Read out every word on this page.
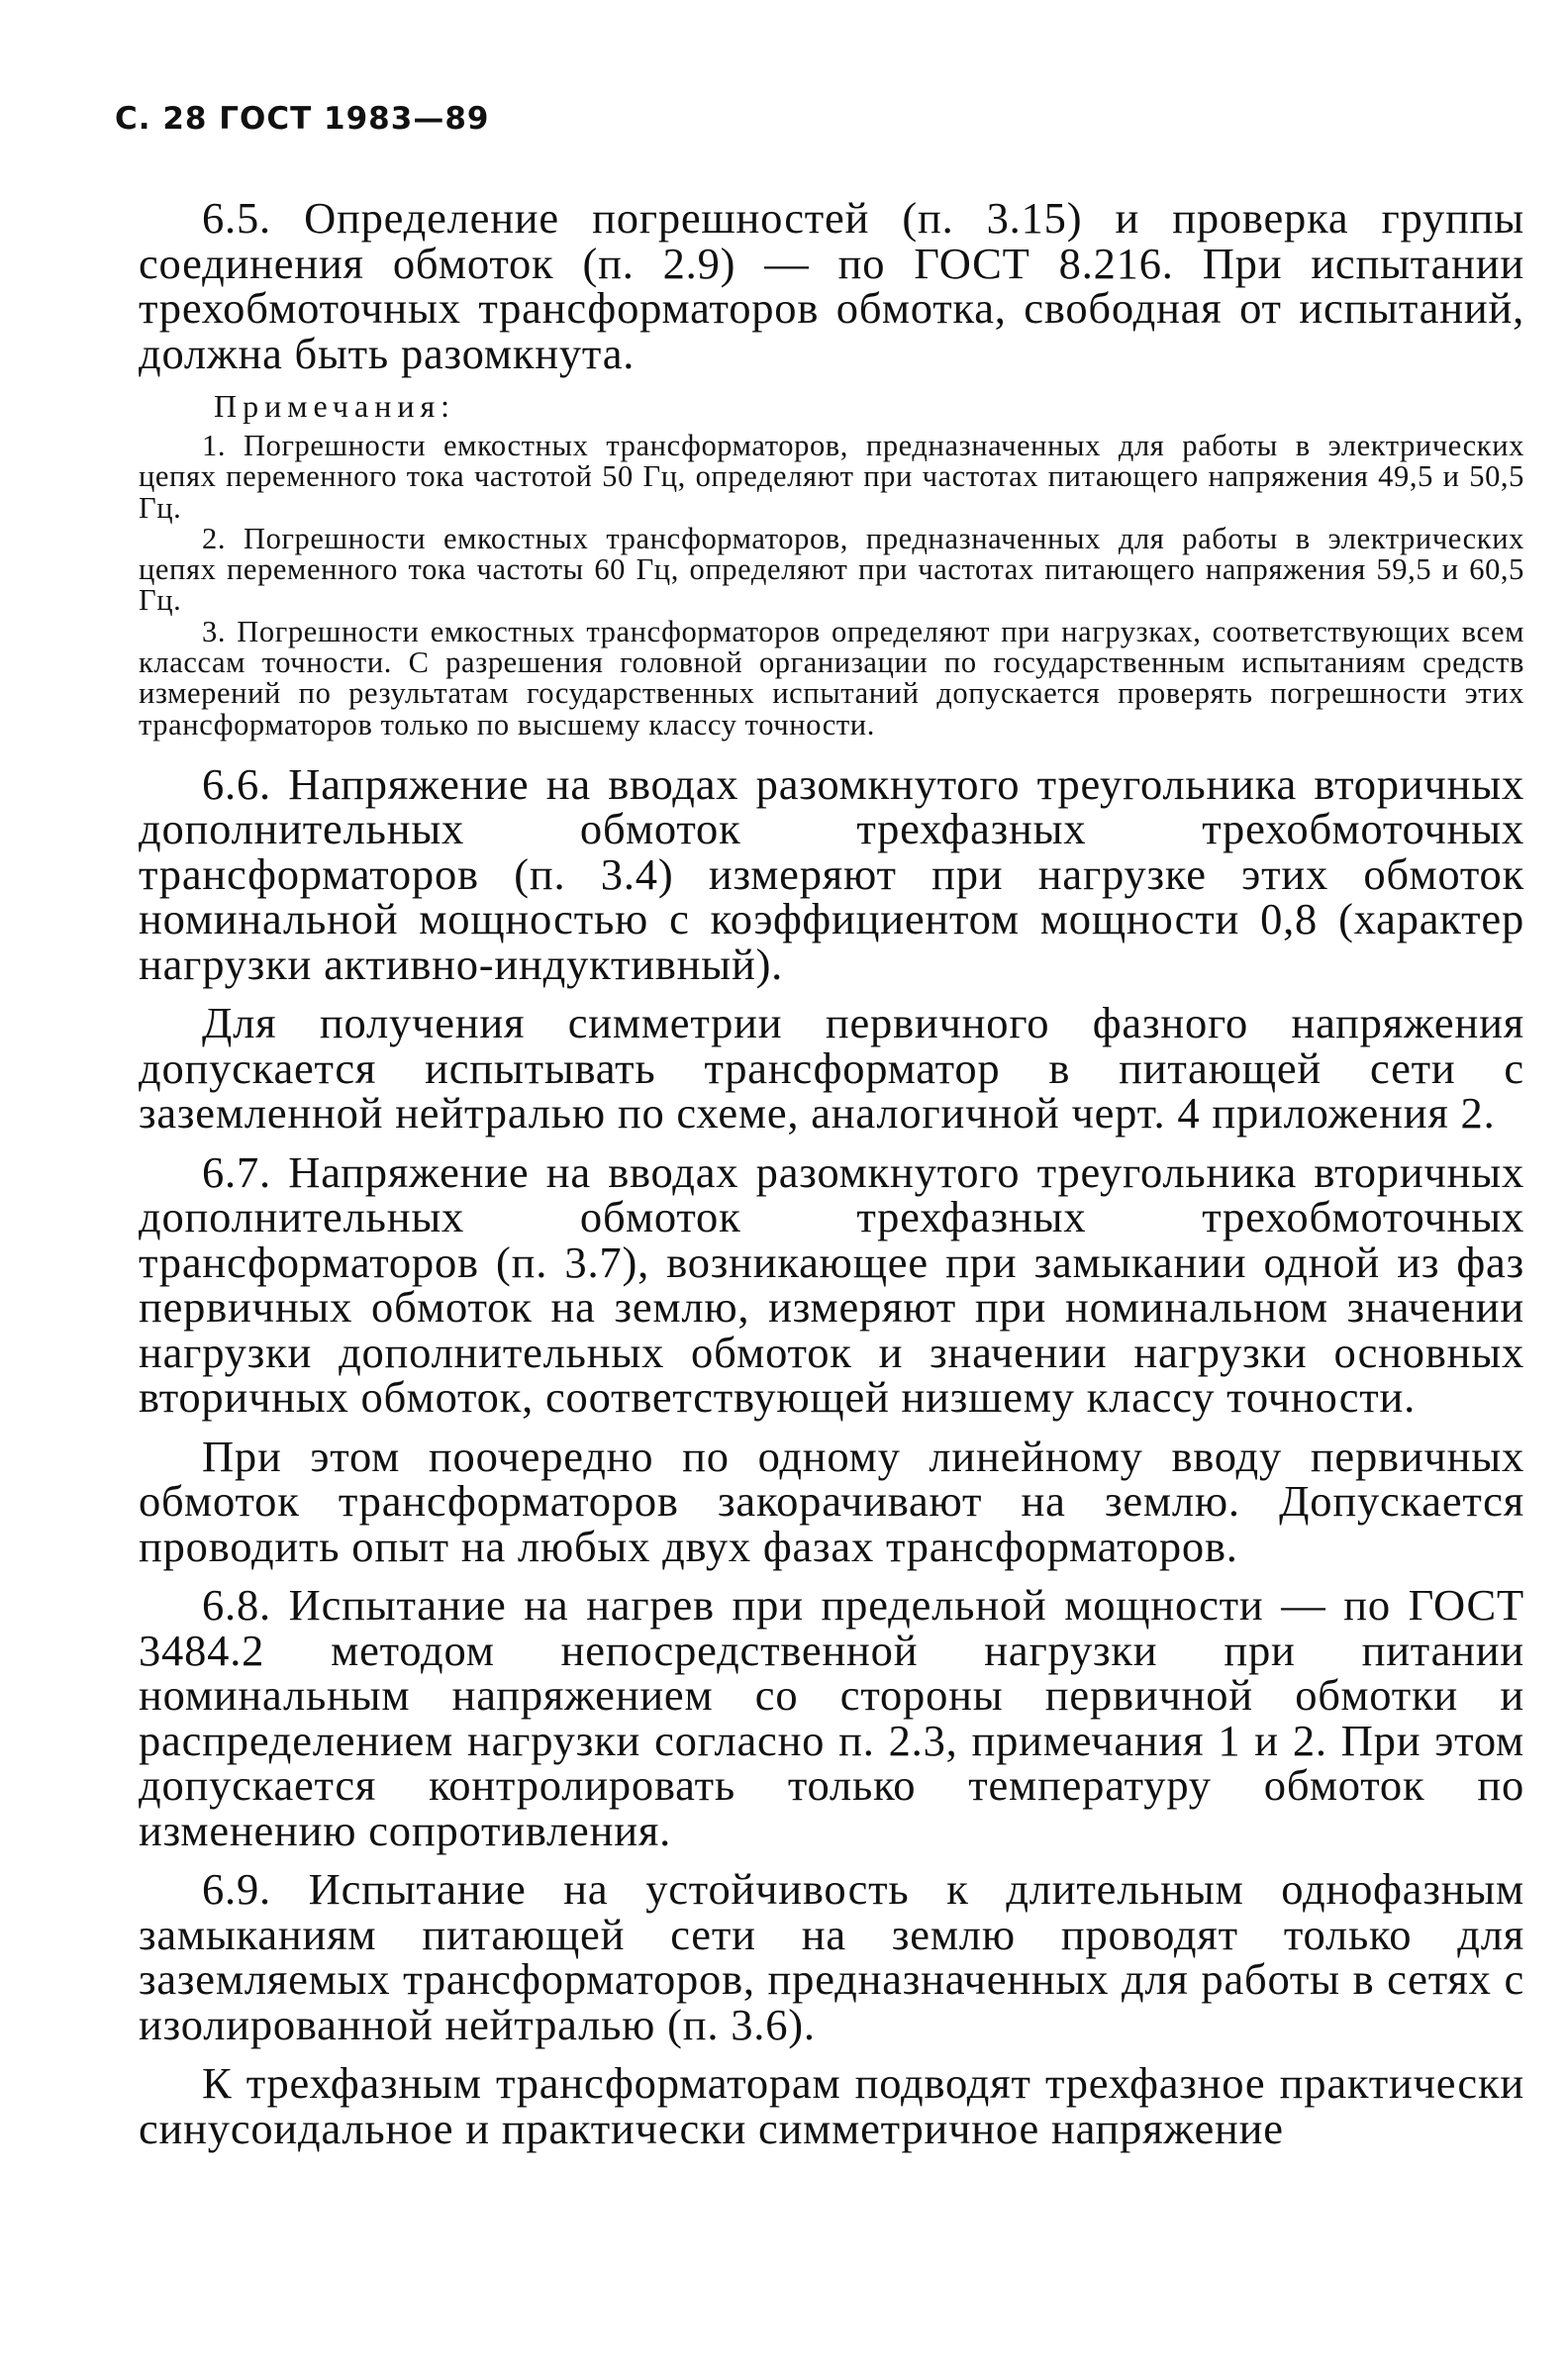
С. 28 ГОСТ 1983—89

6.5. Определение погрешностей (п. 3.15) и проверка группы соединения обмоток (п. 2.9) — по ГОСТ 8.216. При испытании трехобмоточных трансформаторов обмотка, свободная от испытаний, должна быть разомкнута.

Примечания:

1. Погрешности емкостных трансформаторов, предназначенных для работы в электрических цепях переменного тока частотой 50 Гц, определяют при частотах питающего напряжения 49,5 и 50,5 Гц.

2. Погрешности емкостных трансформаторов, предназначенных для работы в электрических цепях переменного тока частоты 60 Гц, определяют при частотах питающего напряжения 59,5 и 60,5 Гц.

3. Погрешности емкостных трансформаторов определяют при нагрузках, соответствующих всем классам точности. С разрешения головной организации по государственным испытаниям средств измерений по результатам государственных испытаний допускается проверять погрешности этих трансформаторов только по высшему классу точности.

6.6. Напряжение на вводах разомкнутого треугольника вторичных дополнительных обмоток трехфазных трехобмоточных трансформаторов (п. 3.4) измеряют при нагрузке этих обмоток номинальной мощностью с коэффициентом мощности 0,8 (характер нагрузки активно-индуктивный).

Для получения симметрии первичного фазного напряжения допускается испытывать трансформатор в питающей сети с заземленной нейтралью по схеме, аналогичной черт. 4 приложения 2.

6.7. Напряжение на вводах разомкнутого треугольника вторичных дополнительных обмоток трехфазных трехобмоточных трансформаторов (п. 3.7), возникающее при замыкании одной из фаз первичных обмоток на землю, измеряют при номинальном значении нагрузки дополнительных обмоток и значении нагрузки основных вторичных обмоток, соответствующей низшему классу точности.

При этом поочередно по одному линейному вводу первичных обмоток трансформаторов закорачивают на землю. Допускается проводить опыт на любых двух фазах трансформаторов.

6.8. Испытание на нагрев при предельной мощности — по ГОСТ 3484.2 методом непосредственной нагрузки при питании номинальным напряжением со стороны первичной обмотки и распределением нагрузки согласно п. 2.3, примечания 1 и 2. При этом допускается контролировать только температуру обмоток по изменению сопротивления.

6.9. Испытание на устойчивость к длительным однофазным замыканиям питающей сети на землю проводят только для заземляемых трансформаторов, предназначенных для работы в сетях с изолированной нейтралью (п. 3.6).

К трехфазным трансформаторам подводят трехфазное практически синусоидальное и практически симметричное напряжение
